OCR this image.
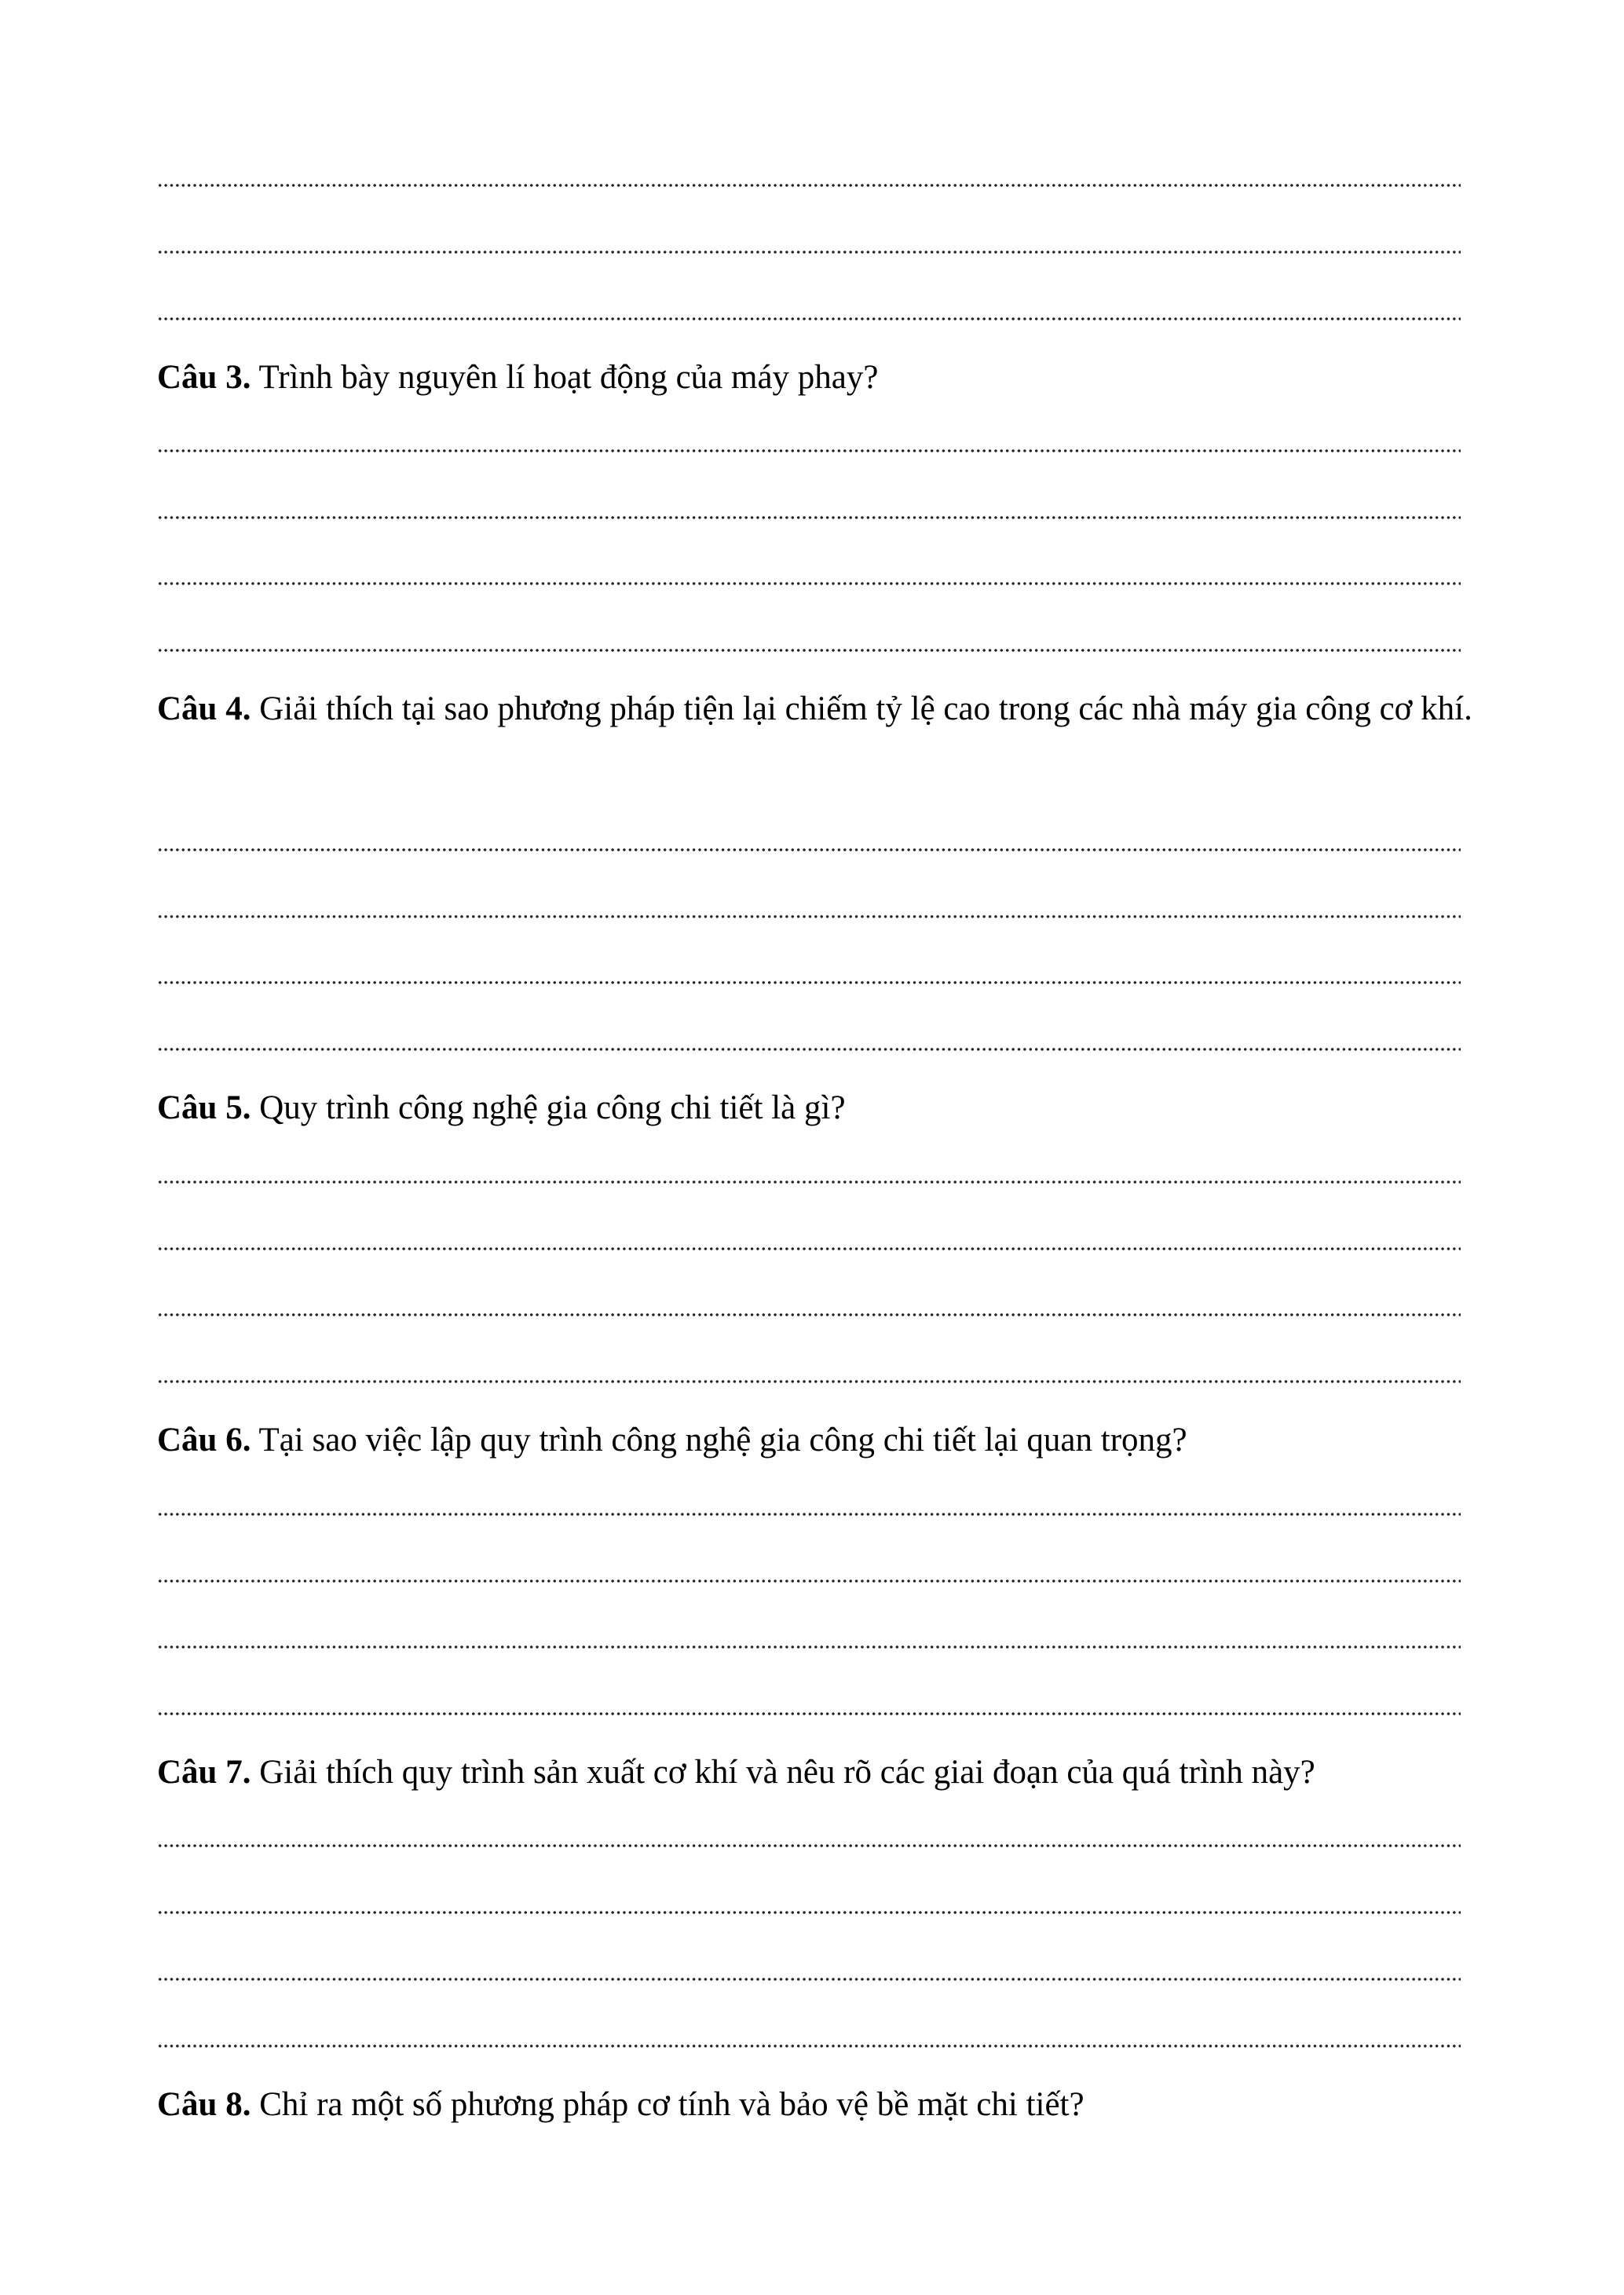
Câu 3. Trình bày nguyên lí hoạt động của máy phay?
Câu 4. Giải thích tại sao phương pháp tiện lại chiếm tỷ lệ cao trong các nhà máy gia công cơ khí.
Câu 5. Quy trình công nghệ gia công chi tiết là gì?
Câu 6. Tại sao việc lập quy trình công nghệ gia công chi tiết lại quan trọng?
Câu 7. Giải thích quy trình sản xuất cơ khí và nêu rõ các giai đoạn của quá trình này?
Câu 8. Chỉ ra một số phương pháp cơ tính và bảo vệ bề mặt chi tiết?
